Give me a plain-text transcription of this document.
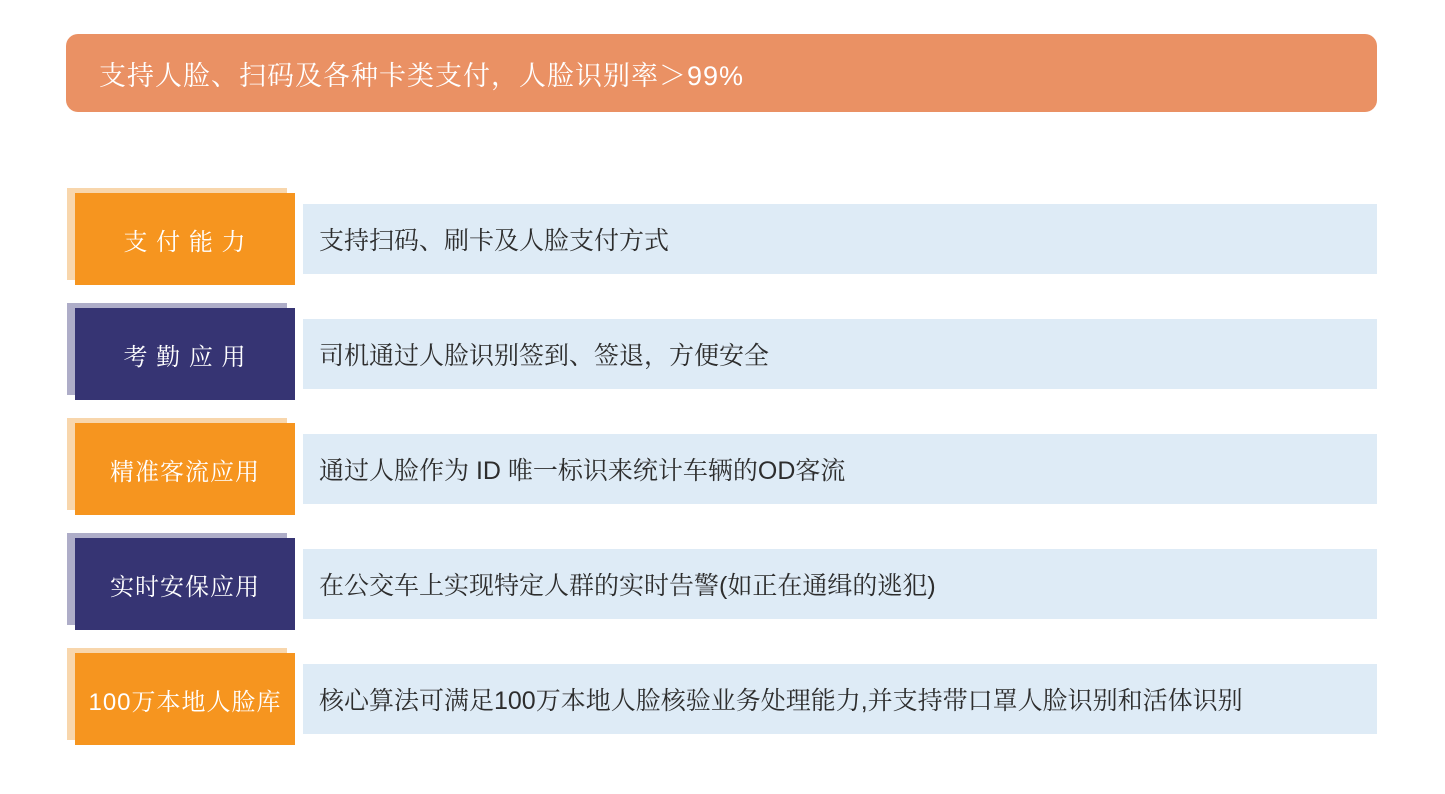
支持人脸、扫码及各种卡类支付，人脸识别率＞99%
支 付 能 力	支持扫码、刷卡及人脸支付方式
考 勤 应 用	司机通过人脸识别签到、签退，方便安全
精准客流应用 通过人脸作为 ID 唯一标识来统计车辆的OD客流
实时安保应用 在公交车上实现特定人群的实时告警(如正在通缉的逃犯)
100万本地人脸库 核心算法可满足100万本地人脸核验业务处理能力,并支持带口罩人脸识别和活体识别
